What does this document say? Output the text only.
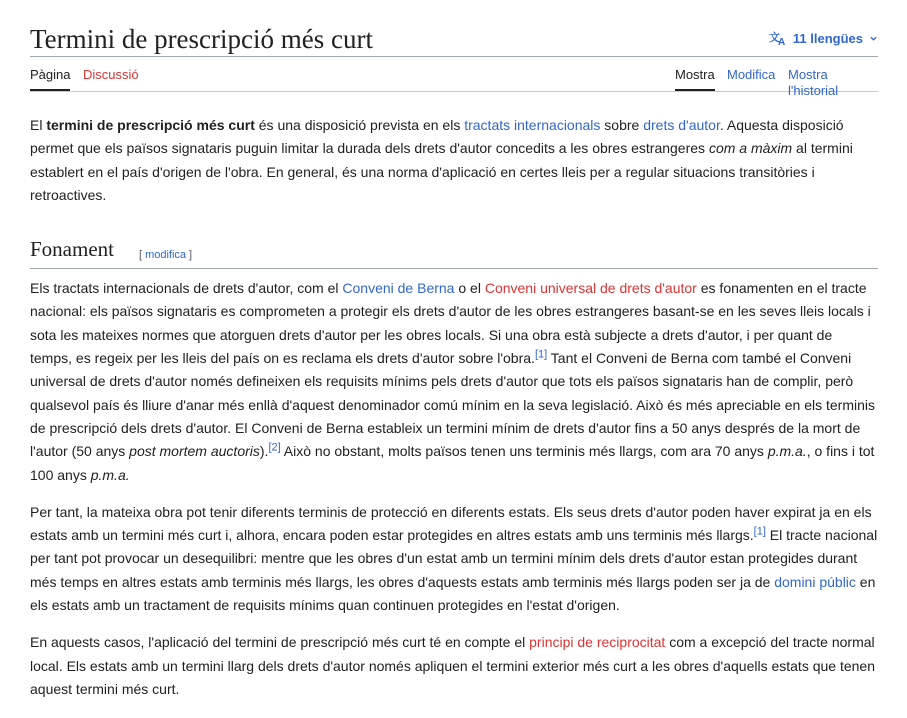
Termini de prescripció més curt	文
A 11 llengües
Pàgina Discussió	Mostra Modifica Mostra l'historial

El termini de prescripció més curt és una disposició prevista en els tractats internacionals sobre drets d'autor. Aquesta disposició permet que els països signataris puguin limitar la durada dels drets d'autor concedits a les obres estrangeres com a màxim al termini establert en el país d'origen de l'obra. En general, és una norma d'aplicació en certes lleis per a regular situacions transitòries i retroactives.

Fonament [ modifica ]

Els tractats internacionals de drets d'autor, com el Conveni de Berna o el Conveni universal de drets d'autor es fonamenten en el tracte nacional: els països signataris es comprometen a protegir els drets d'autor de les obres estrangeres basant-se en les seves lleis locals i sota les mateixes normes que atorguen drets d'autor per les obres locals. Si una obra està subjecte a drets d'autor, i per quant de temps, es regeix per les lleis del país on es reclama els drets d'autor sobre l'obra.[1] Tant el Conveni de Berna com també el Conveni universal de drets d'autor només defineixen els requisits mínims pels drets d'autor que tots els països signataris han de complir, però qualsevol país és lliure d'anar més enllà d'aquest denominador comú mínim en la seva legislació. Això és més apreciable en els terminis de prescripció dels drets d'autor. El Conveni de Berna estableix un termini mínim de drets d'autor fins a 50 anys després de la mort de l'autor (50 anys post mortem auctoris).[2] Això no obstant, molts països tenen uns terminis més llargs, com ara 70 anys p.m.a., o fins i tot 100 anys p.m.a.

Per tant, la mateixa obra pot tenir diferents terminis de protecció en diferents estats. Els seus drets d'autor poden haver expirat ja en els estats amb un termini més curt i, alhora, encara poden estar protegides en altres estats amb uns terminis més llargs.[1] El tracte nacional per tant pot provocar un desequilibri: mentre que les obres d'un estat amb un termini mínim dels drets d'autor estan protegides durant més temps en altres estats amb terminis més llargs, les obres d'aquests estats amb terminis més llargs poden ser ja de domini públic en els estats amb un tractament de requisits mínims quan continuen protegides en l'estat d'origen.

En aquests casos, l'aplicació del termini de prescripció més curt té en compte el principi de reciprocitat com a excepció del tracte normal local. Els estats amb un termini llarg dels drets d'autor només apliquen el termini exterior més curt a les obres d'aquells estats que tenen aquest termini més curt.
